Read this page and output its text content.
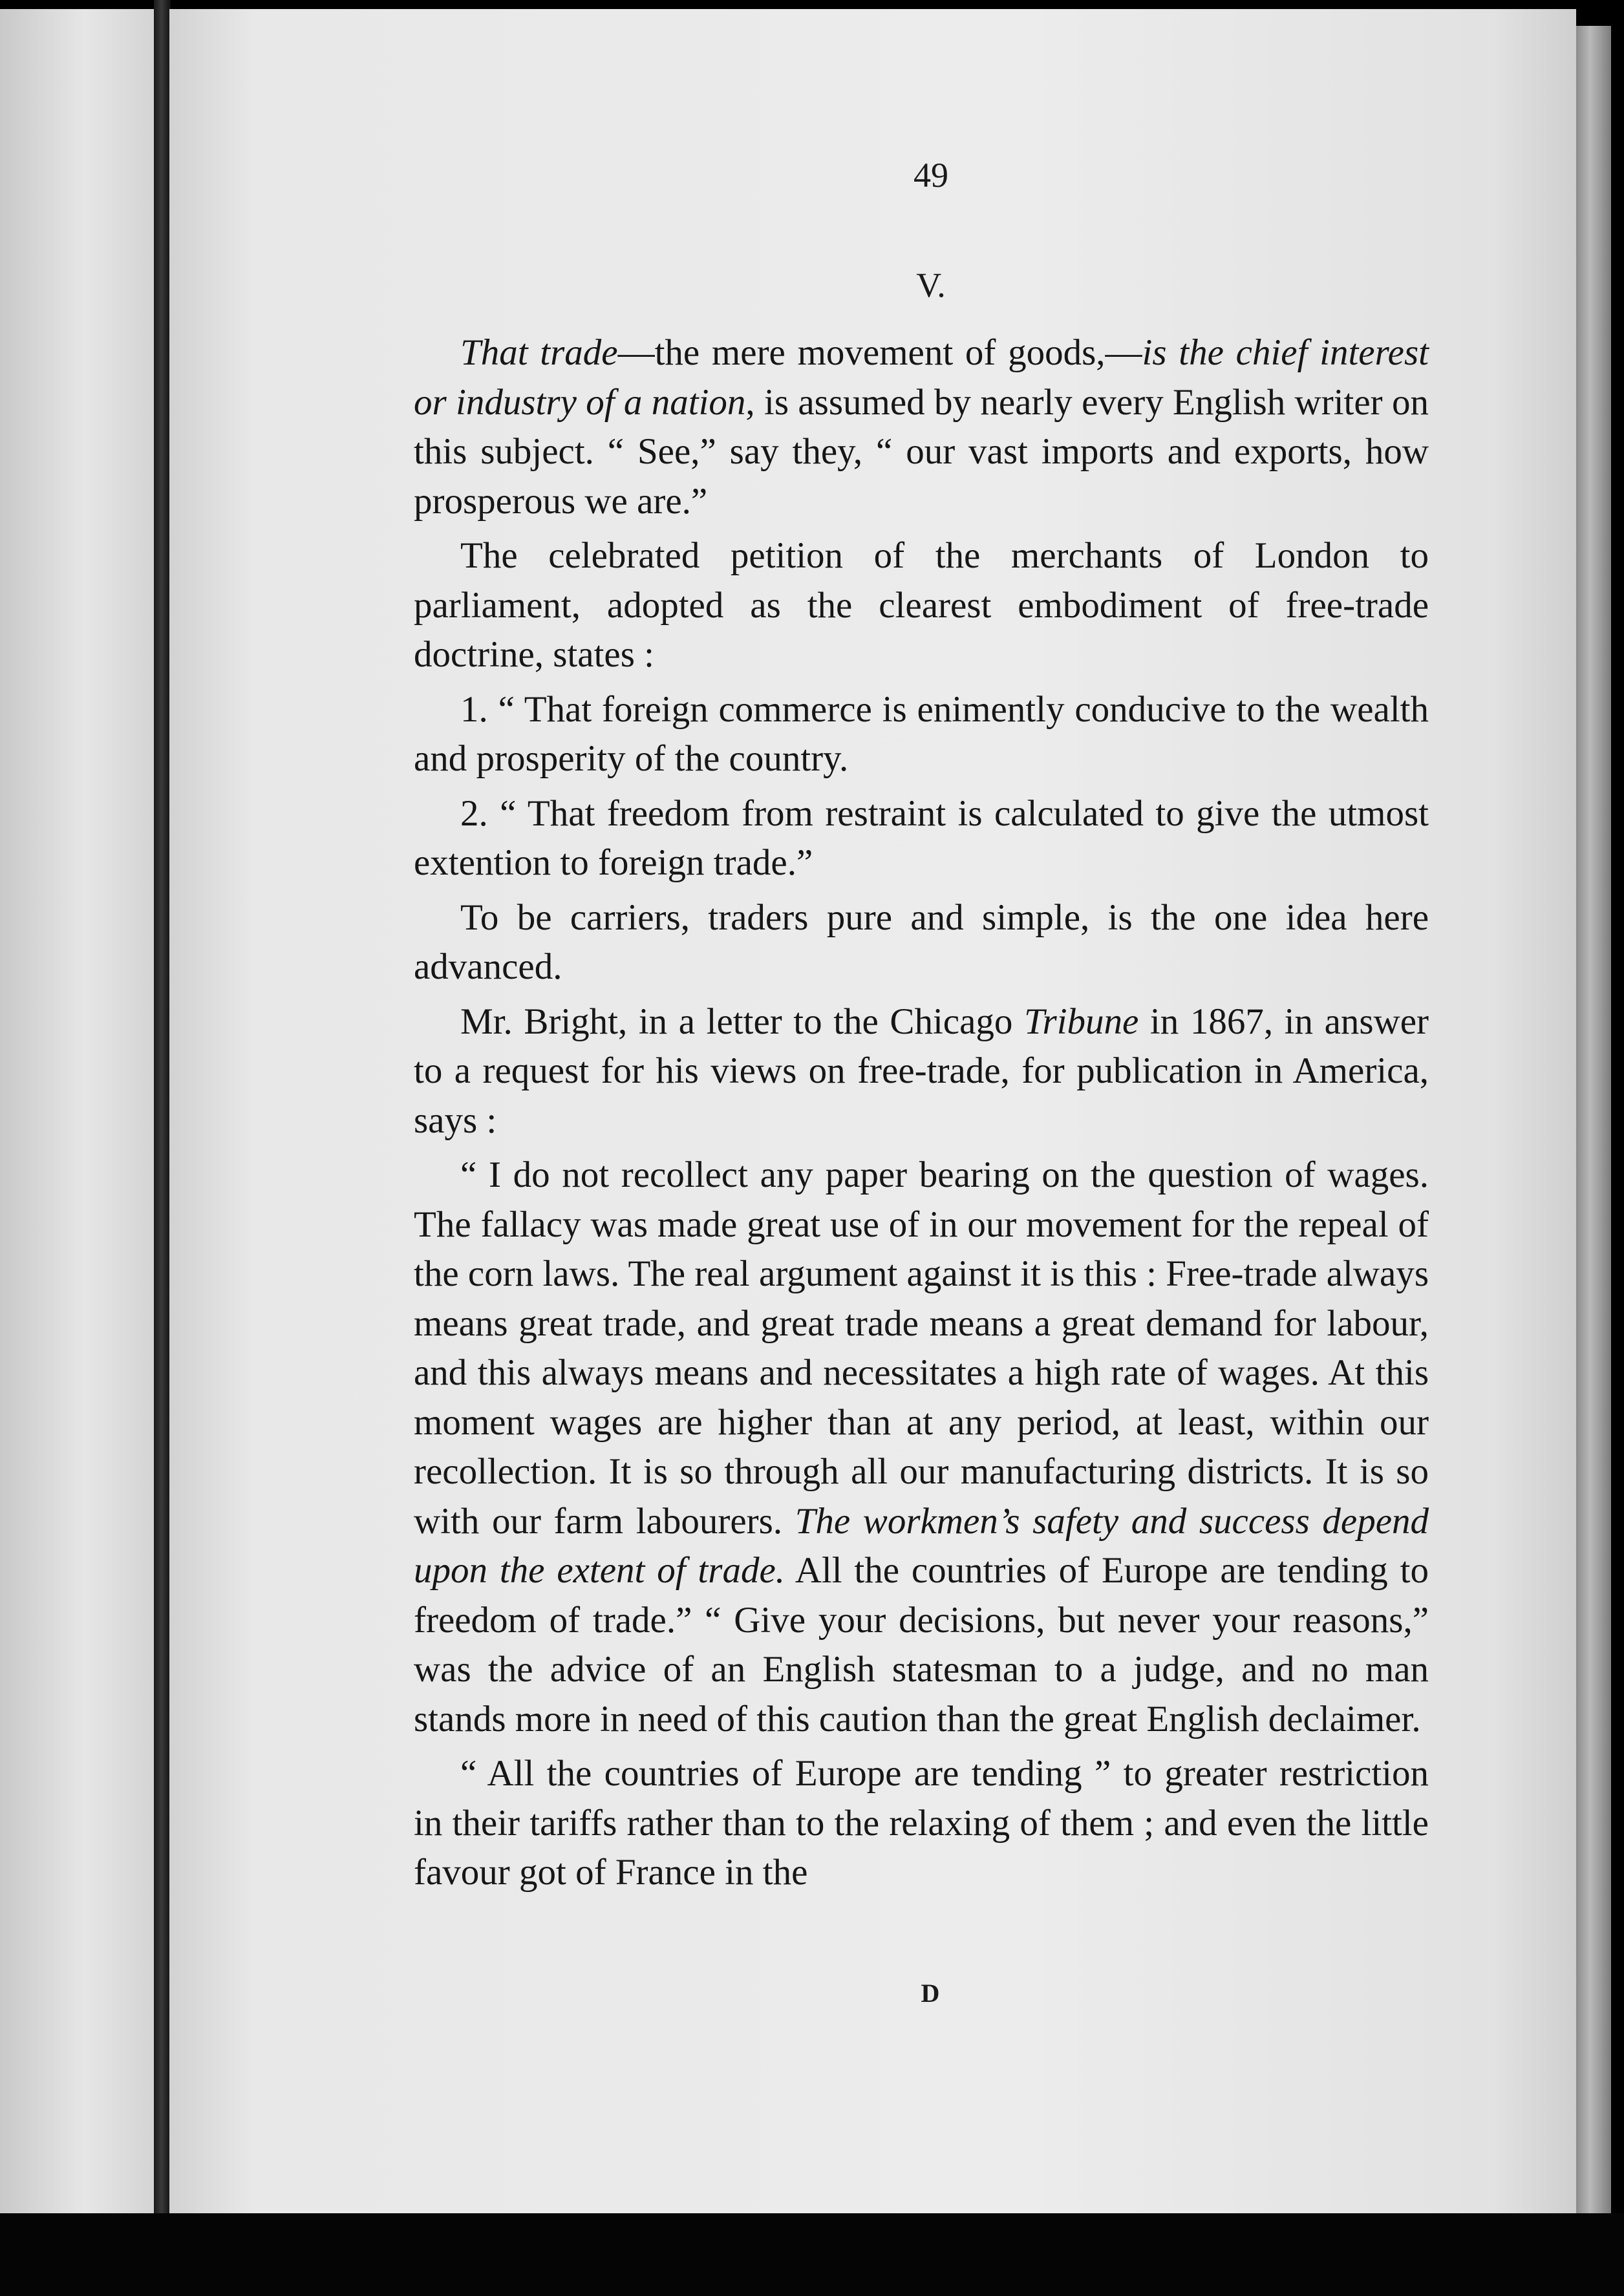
49
V.

That trade—the mere movement of goods,—is the chief interest or industry of a nation, is assumed by nearly every English writer on this subject. “ See,” say they, “ our vast imports and exports, how prosperous we are.”

The celebrated petition of the merchants of London to parliament, adopted as the clearest embodiment of free-trade doctrine, states :

1. “ That foreign commerce is enimently conducive to the wealth and prosperity of the country.

2. “ That freedom from restraint is calculated to give the utmost extention to foreign trade.”

To be carriers, traders pure and simple, is the one idea here advanced.

Mr. Bright, in a letter to the Chicago Tribune in 1867, in answer to a request for his views on free-trade, for publication in America, says :

“ I do not recollect any paper bearing on the question of wages. The fallacy was made great use of in our movement for the repeal of the corn laws. The real argument against it is this : Free-trade always means great trade, and great trade means a great demand for labour, and this always means and necessitates a high rate of wages. At this moment wages are higher than at any period, at least, within our recollection. It is so through all our manufacturing districts. It is so with our farm labourers. The workmen’s safety and success depend upon the extent of trade. All the countries of Europe are tending to freedom of trade.” “ Give your decisions, but never your reasons,” was the advice of an English statesman to a judge, and no man stands more in need of this caution than the great English declaimer.

“ All the countries of Europe are tending ” to greater restriction in their tariffs rather than to the relaxing of them ; and even the little favour got of France in the

D
